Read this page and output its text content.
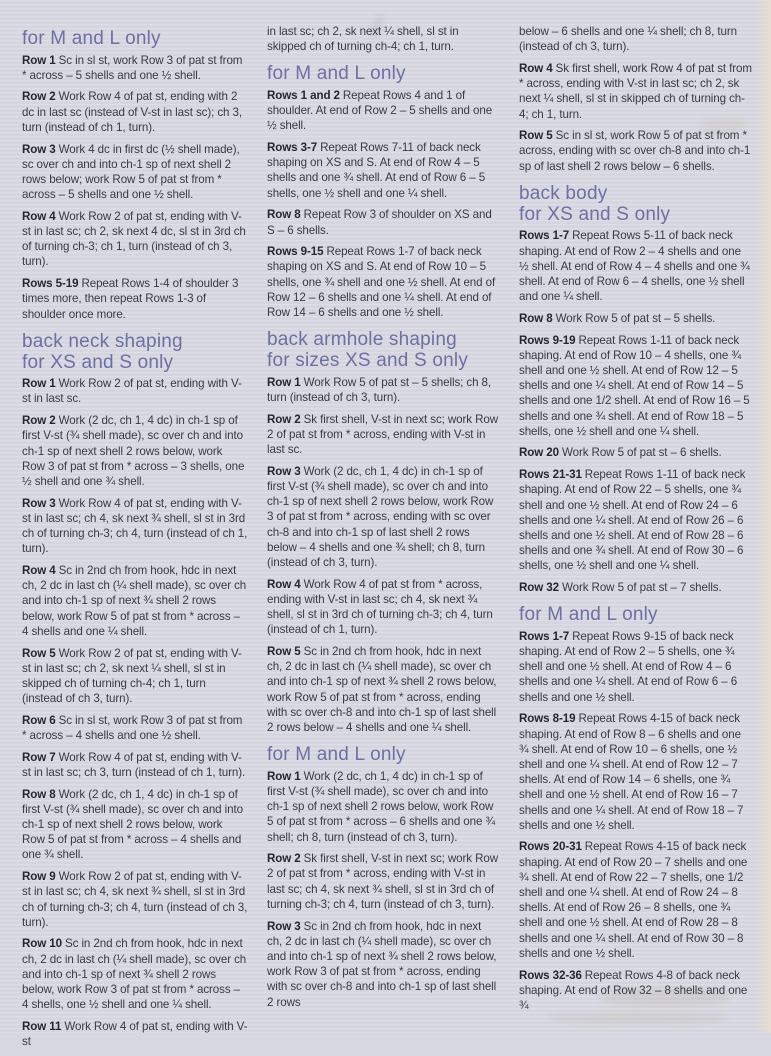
for M and L only

Row 1 Sc in sl st, work Row 3 of pat st from * across – 5 shells and one ½ shell.

Row 2 Work Row 4 of pat st, ending with 2 dc in last sc (instead of V-st in last sc); ch 3, turn (instead of ch 1, turn).

Row 3 Work 4 dc in first dc (½ shell made), sc over ch and into ch-1 sp of next shell 2 rows below; work Row 5 of pat st from * across – 5 shells and one ½ shell.

Row 4 Work Row 2 of pat st, ending with V-st in last sc; ch 2, sk next 4 dc, sl st in 3rd ch of turning ch-3; ch 1, turn (instead of ch 3, turn).

Rows 5-19 Repeat Rows 1-4 of shoulder 3 times more, then repeat Rows 1-3 of shoulder once more.

back neck shaping
for XS and S only

Row 1 Work Row 2 of pat st, ending with V-st in last sc.

Row 2 Work (2 dc, ch 1, 4 dc) in ch-1 sp of first V-st (¾ shell made), sc over ch and into ch-1 sp of next shell 2 rows below, work Row 3 of pat st from * across – 3 shells, one ½ shell and one ¾ shell.

Row 3 Work Row 4 of pat st, ending with V-st in last sc; ch 4, sk next ¾ shell, sl st in 3rd ch of turning ch-3; ch 4, turn (instead of ch 1, turn).

Row 4 Sc in 2nd ch from hook, hdc in next ch, 2 dc in last ch (¼ shell made), sc over ch and into ch-1 sp of next ¾ shell 2 rows below, work Row 5 of pat st from * across – 4 shells and one ¼ shell.

Row 5 Work Row 2 of pat st, ending with V-st in last sc; ch 2, sk next ¼ shell, sl st in skipped ch of turning ch-4; ch 1, turn (instead of ch 3, turn).

Row 6 Sc in sl st, work Row 3 of pat st from * across – 4 shells and one ½ shell.

Row 7 Work Row 4 of pat st, ending with V-st in last sc; ch 3, turn (instead of ch 1, turn).

Row 8 Work (2 dc, ch 1, 4 dc) in ch-1 sp of first V-st (¾ shell made), sc over ch and into ch-1 sp of next shell 2 rows below, work Row 5 of pat st from * across – 4 shells and one ¾ shell.

Row 9 Work Row 2 of pat st, ending with V-st in last sc; ch 4, sk next ¾ shell, sl st in 3rd ch of turning ch-3; ch 4, turn (instead of ch 3, turn).

Row 10 Sc in 2nd ch from hook, hdc in next ch, 2 dc in last ch (¼ shell made), sc over ch and into ch-1 sp of next ¾ shell 2 rows below, work Row 3 of pat st from * across – 4 shells, one ½ shell and one ¼ shell.

Row 11 Work Row 4 of pat st, ending with V-st

in last sc; ch 2, sk next ¼ shell, sl st in skipped ch of turning ch-4; ch 1, turn.

for M and L only

Rows 1 and 2 Repeat Rows 4 and 1 of shoulder. At end of Row 2 – 5 shells and one ½ shell.

Rows 3-7 Repeat Rows 7-11 of back neck shaping on XS and S. At end of Row 4 – 5 shells and one ¾ shell. At end of Row 6 – 5 shells, one ½ shell and one ¼ shell.

Row 8 Repeat Row 3 of shoulder on XS and S – 6 shells.

Rows 9-15 Repeat Rows 1-7 of back neck shaping on XS and S. At end of Row 10 – 5 shells, one ¾ shell and one ½ shell. At end of Row 12 – 6 shells and one ¼ shell. At end of Row 14 – 6 shells and one ½ shell.

back armhole shaping
for sizes XS and S only

Row 1 Work Row 5 of pat st – 5 shells; ch 8, turn (instead of ch 3, turn).

Row 2 Sk first shell, V-st in next sc; work Row 2 of pat st from * across, ending with V-st in last sc.

Row 3 Work (2 dc, ch 1, 4 dc) in ch-1 sp of first V-st (¾ shell made), sc over ch and into ch-1 sp of next shell 2 rows below, work Row 3 of pat st from * across, ending with sc over ch-8 and into ch-1 sp of last shell 2 rows below – 4 shells and one ¾ shell; ch 8, turn (instead of ch 3, turn).

Row 4 Work Row 4 of pat st from * across, ending with V-st in last sc; ch 4, sk next ¾ shell, sl st in 3rd ch of turning ch-3; ch 4, turn (instead of ch 1, turn).

Row 5 Sc in 2nd ch from hook, hdc in next ch, 2 dc in last ch (¼ shell made), sc over ch and into ch-1 sp of next ¾ shell 2 rows below, work Row 5 of pat st from * across, ending with sc over ch-8 and into ch-1 sp of last shell 2 rows below – 4 shells and one ¼ shell.

for M and L only

Row 1 Work (2 dc, ch 1, 4 dc) in ch-1 sp of first V-st (¾ shell made), sc over ch and into ch-1 sp of next shell 2 rows below, work Row 5 of pat st from * across – 6 shells and one ¾ shell; ch 8, turn (instead of ch 3, turn).

Row 2 Sk first shell, V-st in next sc; work Row 2 of pat st from * across, ending with V-st in last sc; ch 4, sk next ¾ shell, sl st in 3rd ch of turning ch-3; ch 4, turn (instead of ch 3, turn).

Row 3 Sc in 2nd ch from hook, hdc in next ch, 2 dc in last ch (¼ shell made), sc over ch and into ch-1 sp of next ¾ shell 2 rows below, work Row 3 of pat st from * across, ending with sc over ch-8 and into ch-1 sp of last shell 2 rows

below – 6 shells and one ¼ shell; ch 8, turn (instead of ch 3, turn).

Row 4 Sk first shell, work Row 4 of pat st from * across, ending with V-st in last sc; ch 2, sk next ¼ shell, sl st in skipped ch of turning ch-4; ch 1, turn.

Row 5 Sc in sl st, work Row 5 of pat st from * across, ending with sc over ch-8 and into ch-1 sp of last shell 2 rows below – 6 shells.

back body
for XS and S only

Rows 1-7 Repeat Rows 5-11 of back neck shaping. At end of Row 2 – 4 shells and one ½ shell. At end of Row 4 – 4 shells and one ¾ shell. At end of Row 6 – 4 shells, one ½ shell and one ¼ shell.

Row 8 Work Row 5 of pat st – 5 shells.

Rows 9-19 Repeat Rows 1-11 of back neck shaping. At end of Row 10 – 4 shells, one ¾ shell and one ½ shell. At end of Row 12 – 5 shells and one ¼ shell. At end of Row 14 – 5 shells and one 1/2 shell. At end of Row 16 – 5 shells and one ¾ shell. At end of Row 18 – 5 shells, one ½ shell and one ¼ shell.

Row 20 Work Row 5 of pat st – 6 shells.

Rows 21-31 Repeat Rows 1-11 of back neck shaping. At end of Row 22 – 5 shells, one ¾ shell and one ½ shell. At end of Row 24 – 6 shells and one ¼ shell. At end of Row 26 – 6 shells and one ½ shell. At end of Row 28 – 6 shells and one ¾ shell. At end of Row 30 – 6 shells, one ½ shell and one ¼ shell.

Row 32 Work Row 5 of pat st – 7 shells.

for M and L only

Rows 1-7 Repeat Rows 9-15 of back neck shaping. At end of Row 2 – 5 shells, one ¾ shell and one ½ shell. At end of Row 4 – 6 shells and one ¼ shell. At end of Row 6 – 6 shells and one ½ shell.

Rows 8-19 Repeat Rows 4-15 of back neck shaping. At end of Row 8 – 6 shells and one ¾ shell. At end of Row 10 – 6 shells, one ½ shell and one ¼ shell. At end of Row 12 – 7 shells. At end of Row 14 – 6 shells, one ¾ shell and one ½ shell. At end of Row 16 – 7 shells and one ¼ shell. At end of Row 18 – 7 shells and one ½ shell.

Rows 20-31 Repeat Rows 4-15 of back neck shaping. At end of Row 20 – 7 shells and one ¾ shell. At end of Row 22 – 7 shells, one 1/2 shell and one ¼ shell. At end of Row 24 – 8 shells. At end of Row 26 – 8 shells, one ¾ shell and one ½ shell. At end of Row 28 – 8 shells and one ¼ shell. At end of Row 30 – 8 shells and one ½ shell.

Rows 32-36 Repeat Rows 4-8 of back neck shaping. At end of Row 32 – 8 shells and one ¾
